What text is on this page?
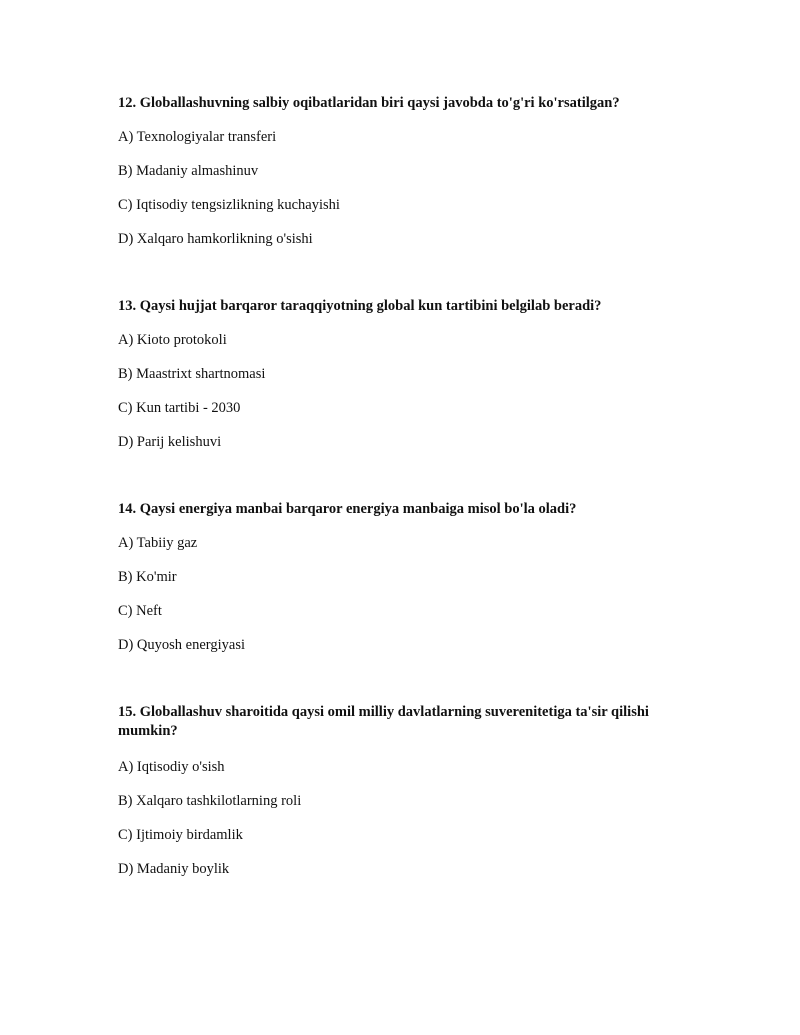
12. Globallashuvning salbiy oqibatlaridan biri qaysi javobda to'g'ri ko'rsatilgan?

A) Texnologiyalar transferi

B) Madaniy almashinuv

C) Iqtisodiy tengsizlikning kuchayishi

D) Xalqaro hamkorlikning o'sishi

13. Qaysi hujjat barqaror taraqqiyotning global kun tartibini belgilab beradi?

A) Kioto protokoli

B) Maastrixt shartnomasi

C) Kun tartibi - 2030

D) Parij kelishuvi

14. Qaysi energiya manbai barqaror energiya manbaiga misol bo'la oladi?

A) Tabiiy gaz

B) Ko'mir

C) Neft

D) Quyosh energiyasi

15. Globallashuv sharoitida qaysi omil milliy davlatlarning suverenitetiga ta'sir qilishi mumkin?

A) Iqtisodiy o'sish

B) Xalqaro tashkilotlarning roli

C) Ijtimoiy birdamlik

D) Madaniy boylik
